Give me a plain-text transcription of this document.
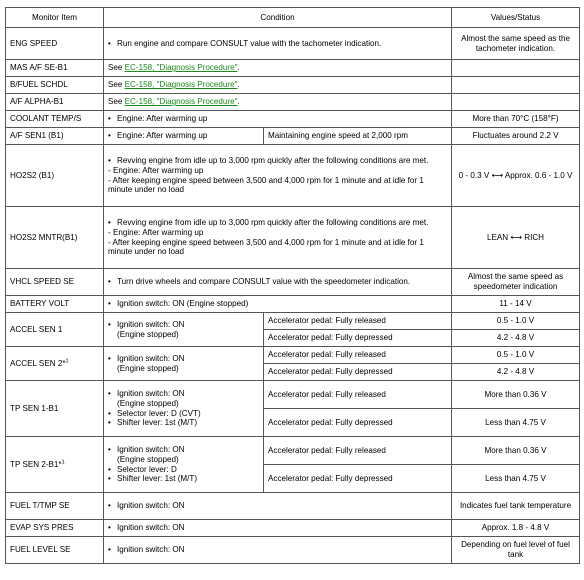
Monitor Item	Condition		Values/Status
ENG SPEED	• Run engine and compare CONSULT value with the tachometer indication.		Almost the same speed as the tachometer indication.
MAS A/F SE-B1	See EC-158, "Diagnosis Procedure".		
B/FUEL SCHDL	See EC-158, "Diagnosis Procedure".		
A/F ALPHA-B1	See EC-158, "Diagnosis Procedure".		
COOLANT TEMP/S	• Engine: After warming up		More than 70°C (158°F)
A/F SEN1 (B1)	• Engine: After warming up	Maintaining engine speed at 2,000 rpm	Fluctuates around 2.2 V
HO2S2 (B1)	• Revving engine from idle up to 3,000 rpm quickly after the following conditions are met.
- Engine: After warming up
- After keeping engine speed between 3,500 and 4,000 rpm for 1 minute and at idle for 1 minute under no load		0 - 0.3 V ⟷ Approx. 0.6 - 1.0 V
HO2S2 MNTR(B1)	• Revving engine from idle up to 3,000 rpm quickly after the following conditions are met.
- Engine: After warming up
- After keeping engine speed between 3,500 and 4,000 rpm for 1 minute and at idle for 1 minute under no load		LEAN ⟷ RICH
VHCL SPEED SE	• Turn drive wheels and compare CONSULT value with the speedometer indication.		Almost the same speed as speedometer indication
BATTERY VOLT	• Ignition switch: ON (Engine stopped)		11 - 14 V
ACCEL SEN 1	• Ignition switch: ON
(Engine stopped)	Accelerator pedal: Fully released	0.5 - 1.0 V
		Accelerator pedal: Fully depressed	4.2 - 4.8 V
ACCEL SEN 2*$^1$	• Ignition switch: ON
(Engine stopped)	Accelerator pedal: Fully released	0.5 - 1.0 V
		Accelerator pedal: Fully depressed	4.2 - 4.8 V
TP SEN 1-B1	• Ignition switch: ON
(Engine stopped)
• Selector lever: D (CVT)
• Shifter lever: 1st (M/T)	Accelerator pedal: Fully released	More than 0.36 V
		Accelerator pedal: Fully depressed	Less than 4.75 V
TP SEN 2-B1*$^1$	• Ignition switch: ON
(Engine stopped)
• Selector lever: D
• Shifter lever: 1st (M/T)	Accelerator pedal: Fully released	More than 0.36 V
		Accelerator pedal: Fully depressed	Less than 4.75 V
FUEL T/TMP SE	• Ignition switch: ON		Indicates fuel tank temperature
EVAP SYS PRES	• Ignition switch: ON		Approx. 1.8 - 4.8 V
FUEL LEVEL SE	• Ignition switch: ON		Depending on fuel level of fuel tank
